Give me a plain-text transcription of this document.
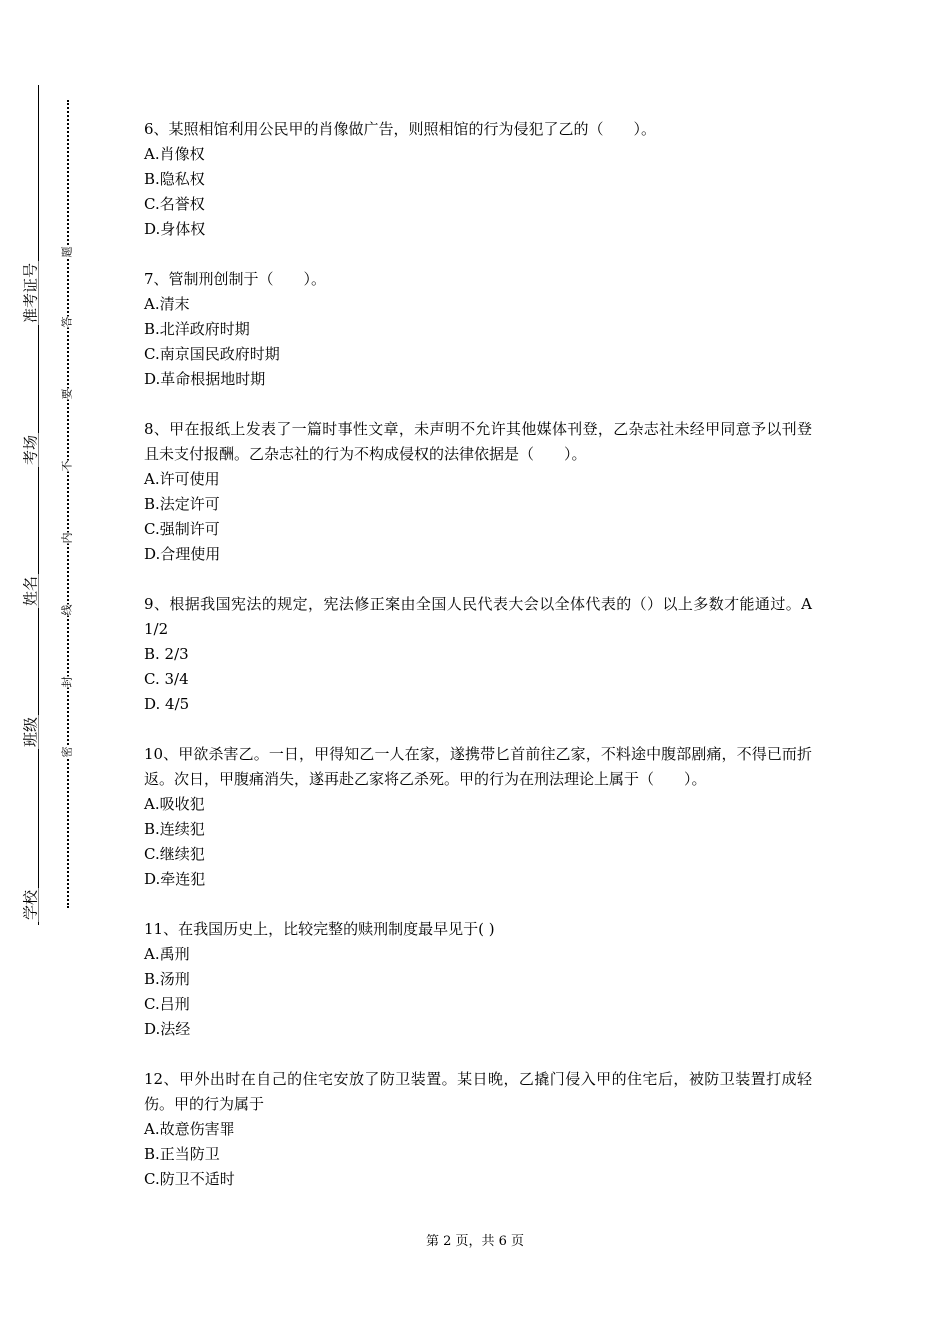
准考证号
考场
姓名
班级
学校
题
答
要
不
内
线
封
密
6、某照相馆利用公民甲的肖像做广告，则照相馆的行为侵犯了乙的（　　）。
A.肖像权
B.隐私权
C.名誉权
D.身体权
7、管制刑创制于（　　）。
A.清末
B.北洋政府时期
C.南京国民政府时期
D.革命根据地时期
8、甲在报纸上发表了一篇时事性文章，未声明不允许其他媒体刊登，乙杂志社未经甲同意予以刊登且未支付报酬。乙杂志社的行为不构成侵权的法律依据是（　　）。
A.许可使用
B.法定许可
C.强制许可
D.合理使用
9、根据我国宪法的规定，宪法修正案由全国人民代表大会以全体代表的（）以上多数才能通过。A 1/2
B. 2/3
C. 3/4
D. 4/5
10、甲欲杀害乙。一日，甲得知乙一人在家，遂携带匕首前往乙家，不料途中腹部剧痛，不得已而折返。次日，甲腹痛消失，遂再赴乙家将乙杀死。甲的行为在刑法理论上属于（　　）。
A.吸收犯
B.连续犯
C.继续犯
D.牵连犯
11、在我国历史上，比较完整的赎刑制度最早见于( )
A.禹刑
B.汤刑
C.吕刑
D.法经
12、甲外出时在自己的住宅安放了防卫装置。某日晚，乙撬门侵入甲的住宅后，被防卫装置打成轻伤。甲的行为属于
A.故意伤害罪
B.正当防卫
C.防卫不适时
第 2 页，共 6 页
